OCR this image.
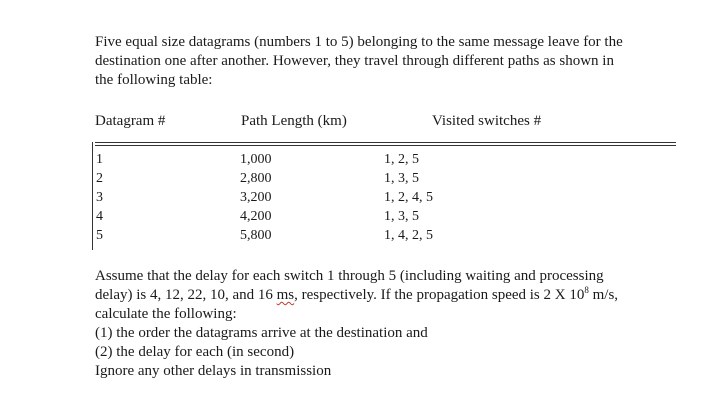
Five equal size datagrams (numbers 1 to 5) belonging to the same message leave for the
destination one after another. However, they travel through different paths as shown in
the following table:

Datagram #	Path Length (km)	Visited switches #
1
2
3
4
5
1,000
2,800
3,200
4,200
5,800
1, 2, 5
1, 3, 5
1, 2, 4, 5
1, 3, 5
1, 4, 2, 5

Assume that the delay for each switch 1 through 5 (including waiting and processing
delay) is 4, 12, 22, 10, and 16 ms, respectively. If the propagation speed is 2 X $10^8$ m/s,
calculate the following:
(1) the order the datagrams arrive at the destination and
(2) the delay for each (in second)
Ignore any other delays in transmission
